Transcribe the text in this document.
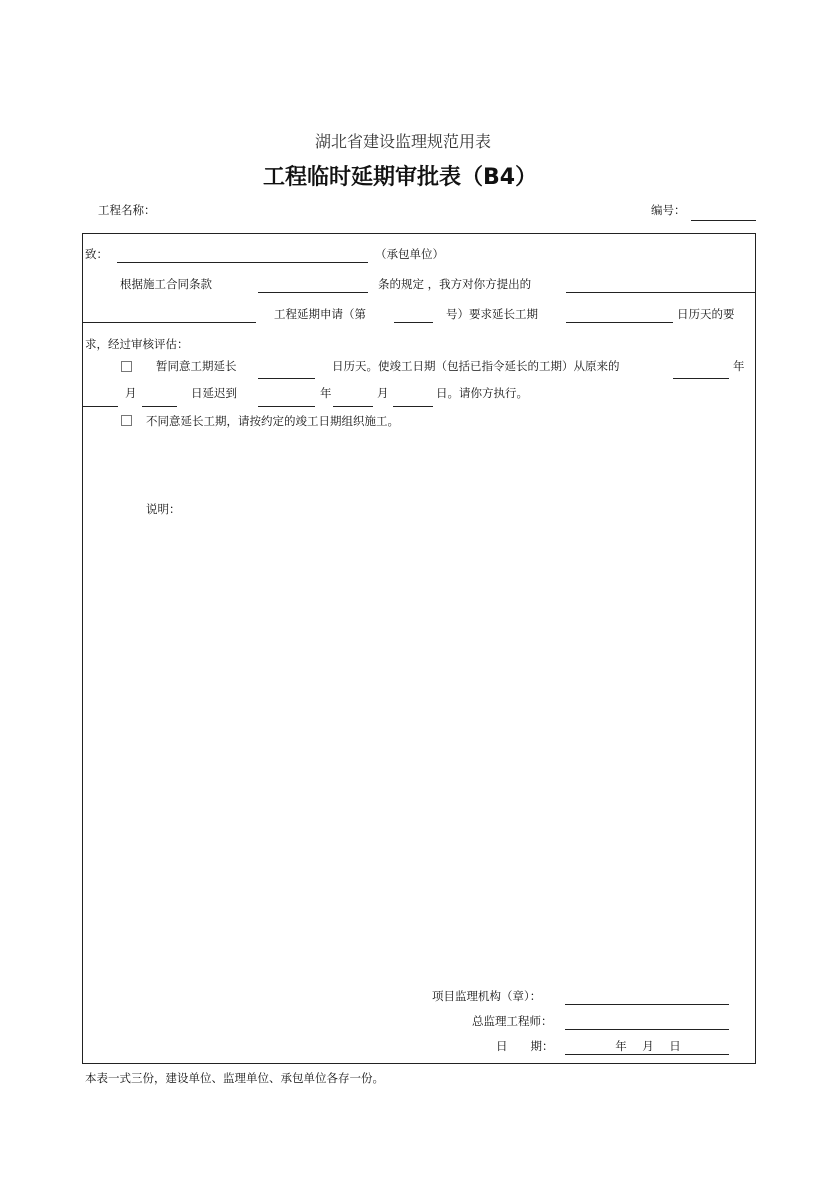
湖北省建设监理规范用表
工程临时延期审批表（B4）
工程名称：	编号：
致：	（承包单位）
根据施工合同条款	条的规定 ，我方对你方提出的
工程延期申请（第	号）要求延长工期	日历天的要
求，经过审核评估：
暂同意工期延长	日历天。使竣工日期（包括已指令延长的工期）从原来的	年
月	日延迟到	年	月	日。请你方执行。
不同意延长工期，请按约定的竣工日期组织施工。
说明：
项目监理机构（章）：
总监理工程师：
日　　期：	年 月 日
本表一式三份，建设单位、监理单位、承包单位各存一份。
